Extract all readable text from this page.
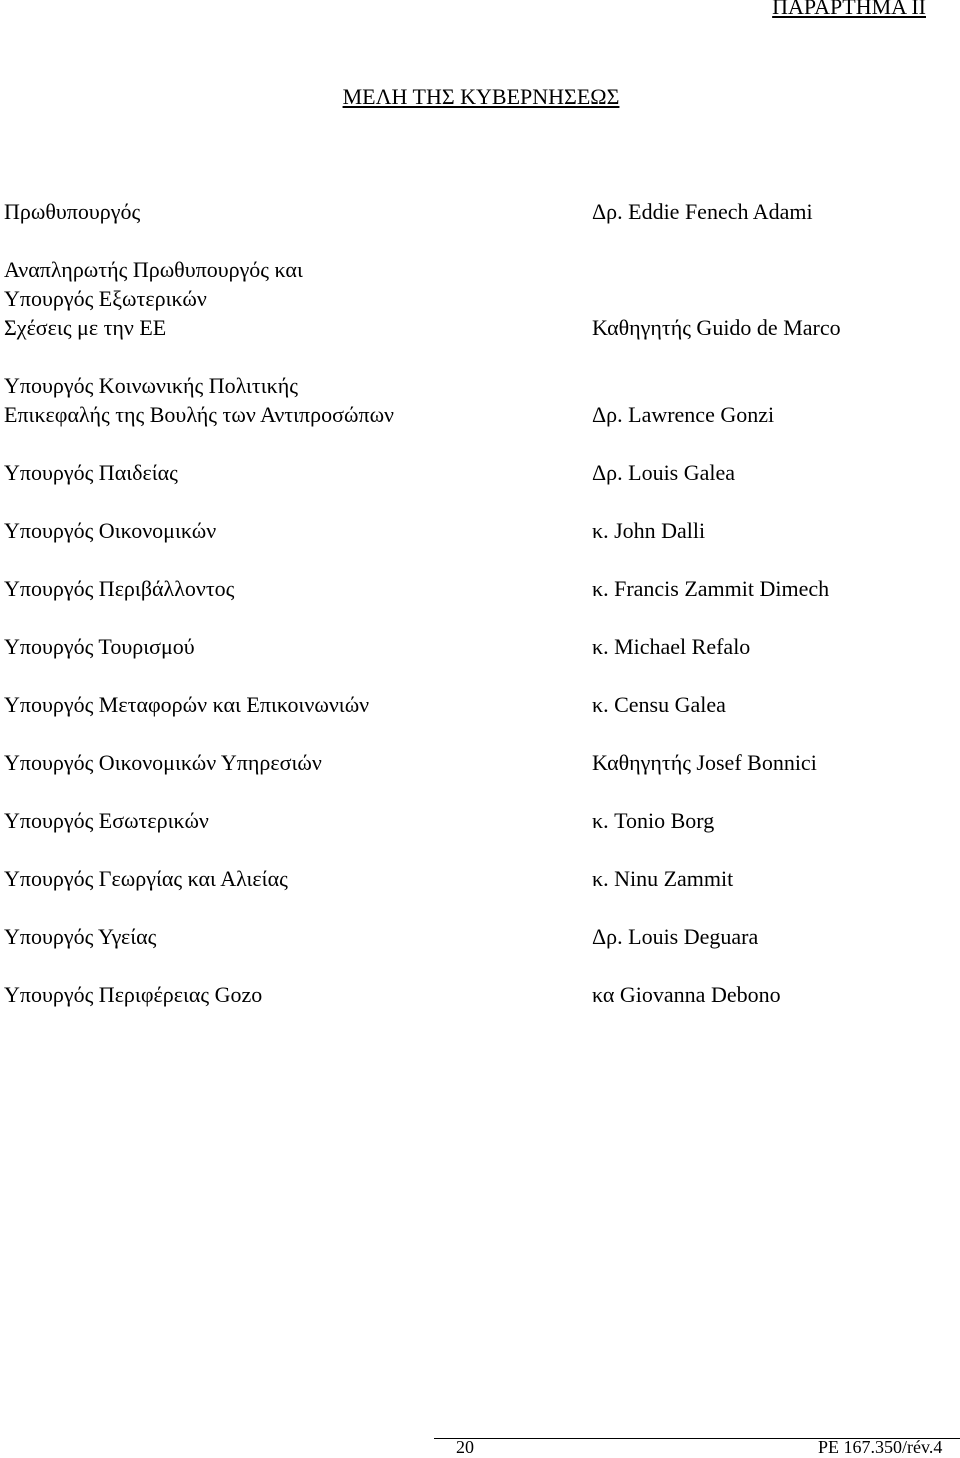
ΠΑΡΑΡΤΗΜΑ ΙΙ
ΜΕΛΗ ΤΗΣ ΚΥΒΕΡΝΗΣΕΩΣ
Πρωθυπουργός	Δρ. Eddie Fenech Adami
Αναπληρωτής Πρωθυπουργός και
Υπουργός Εξωτερικών
Σχέσεις με την ΕΕ	Καθηγητής Guido de Marco
Υπουργός Κοινωνικής Πολιτικής
Επικεφαλής της Βουλής των Αντιπροσώπων	Δρ. Lawrence Gonzi
Υπουργός Παιδείας	Δρ. Louis Galea
Υπουργός Οικονομικών	κ. John Dalli
Υπουργός Περιβάλλοντος	κ. Francis Zammit Dimech
Υπουργός Τουρισμού	κ. Michael Refalo
Υπουργός Μεταφορών και Επικοινωνιών	κ. Censu Galea
Υπουργός Οικονομικών Υπηρεσιών	Καθηγητής Josef Bonnici
Υπουργός Εσωτερικών	κ. Tonio Borg
Υπουργός Γεωργίας και Αλιείας	κ. Ninu Zammit
Υπουργός Υγείας	Δρ. Louis Deguara
Υπουργός Περιφέρειας Gozo	κα Giovanna Debono
20	PE 167.350/rév.4
